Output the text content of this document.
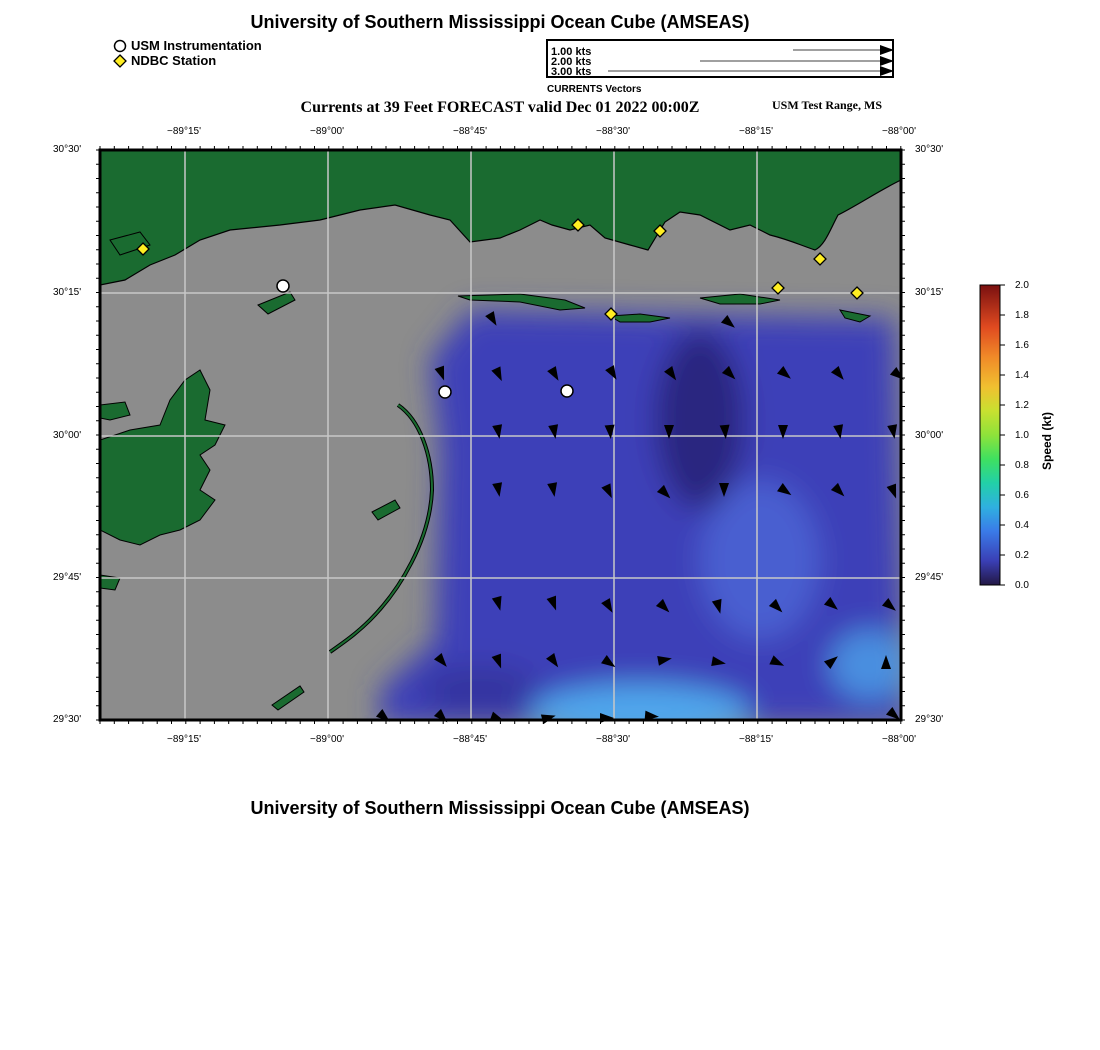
University of Southern Mississippi Ocean Cube (AMSEAS)
USM Instrumentation
NDBC Station
1.00 kts
2.00 kts
3.00 kts
CURRENTS Vectors
Currents at 39 Feet FORECAST valid Dec 01 2022 00:00Z	USM Test Range, MS
−89°15'	−89°00'	−88°45'	−88°30'	−88°15'	−88°00'
−89°15'	−89°00'	−88°45'	−88°30'	−88°15'	−88°00'
30°30'
30°15'
30°00'
29°45'
29°30'
30°30'
30°15'
30°00'
29°45'
29°30'
2.0
1.8
1.6
1.4
1.2
1.0
0.8
0.6
0.4
0.2
0.0
Speed (kt)
University of Southern Mississippi Ocean Cube (AMSEAS)
